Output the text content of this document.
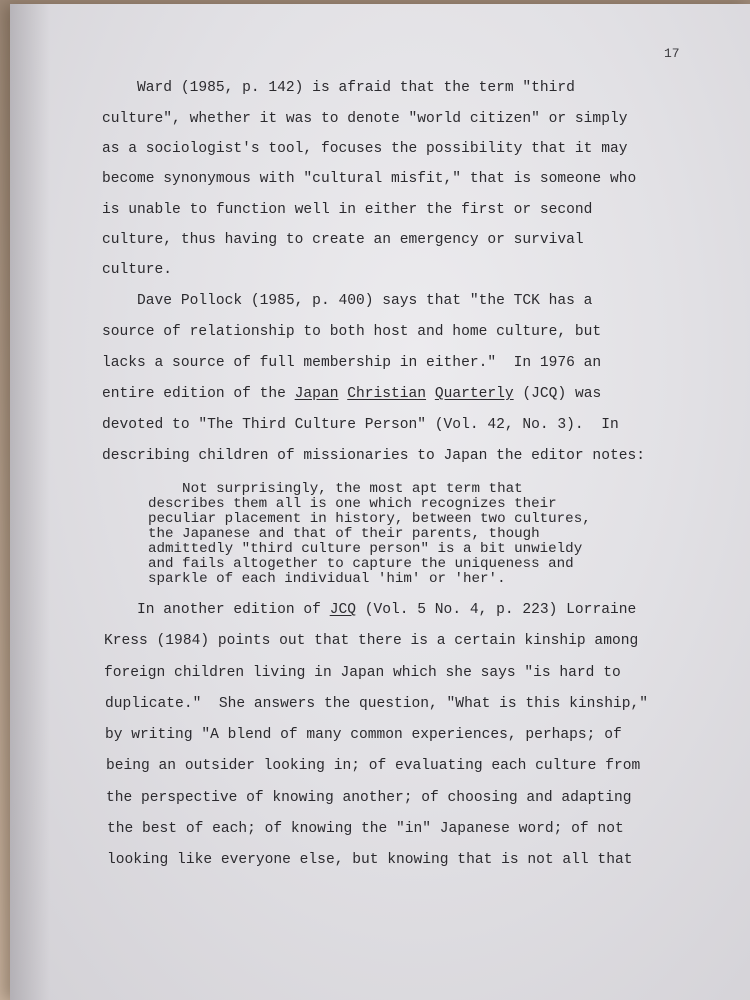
17

Ward (1985, p. 142) is afraid that the term "third

culture", whether it was to denote "world citizen" or simply

as a sociologist's tool, focuses the possibility that it may

become synonymous with "cultural misfit," that is someone who

is unable to function well in either the first or second

culture, thus having to create an emergency or survival

culture.

Dave Pollock (1985, p. 400) says that "the TCK has a

source of relationship to both host and home culture, but

lacks a source of full membership in either."  In 1976 an

entire edition of the Japan Christian Quarterly (JCQ) was

devoted to "The Third Culture Person" (Vol. 42, No. 3).  In

describing children of missionaries to Japan the editor notes:

Not surprisingly, the most apt term that

describes them all is one which recognizes their

peculiar placement in history, between two cultures,

the Japanese and that of their parents, though

admittedly "third culture person" is a bit unwieldy

and fails altogether to capture the uniqueness and

sparkle of each individual 'him' or 'her'.

In another edition of JCQ (Vol. 5 No. 4, p. 223) Lorraine

Kress (1984) points out that there is a certain kinship among

foreign children living in Japan which she says "is hard to

duplicate."  She answers the question, "What is this kinship,"

by writing "A blend of many common experiences, perhaps; of

being an outsider looking in; of evaluating each culture from

the perspective of knowing another; of choosing and adapting

the best of each; of knowing the "in" Japanese word; of not

looking like everyone else, but knowing that is not all that
